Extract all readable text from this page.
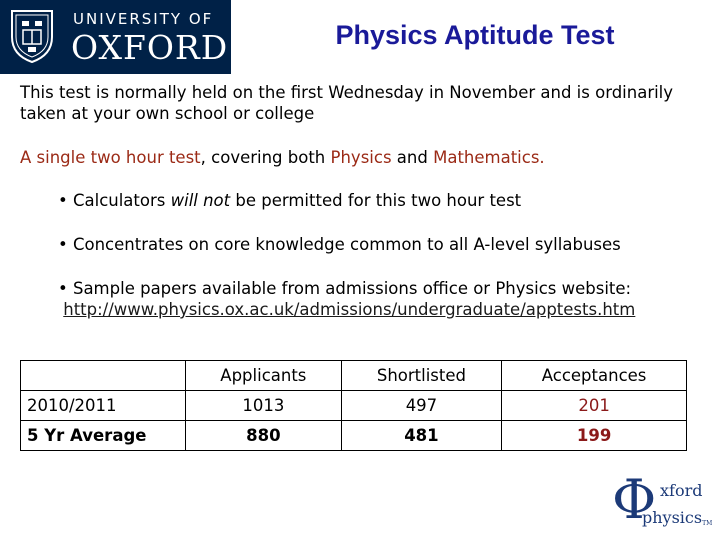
UNIVERSITY OF
OXFORD	Physics Aptitude Test
This test is normally held on the first Wednesday in November and is ordinarily taken at your own school or college
A single two hour test, covering both Physics and Mathematics.
• Calculators will not be permitted for this two hour test
• Concentrates on core knowledge common to all A-level syllabuses
• Sample papers available from admissions office or Physics website:
http://www.physics.ox.ac.uk/admissions/undergraduate/apptests.htm
	Applicants	Shortlisted	Acceptances
2010/2011	1013	497	201
5 Yr Average	880	481	199
Φ xford
physicsTM
